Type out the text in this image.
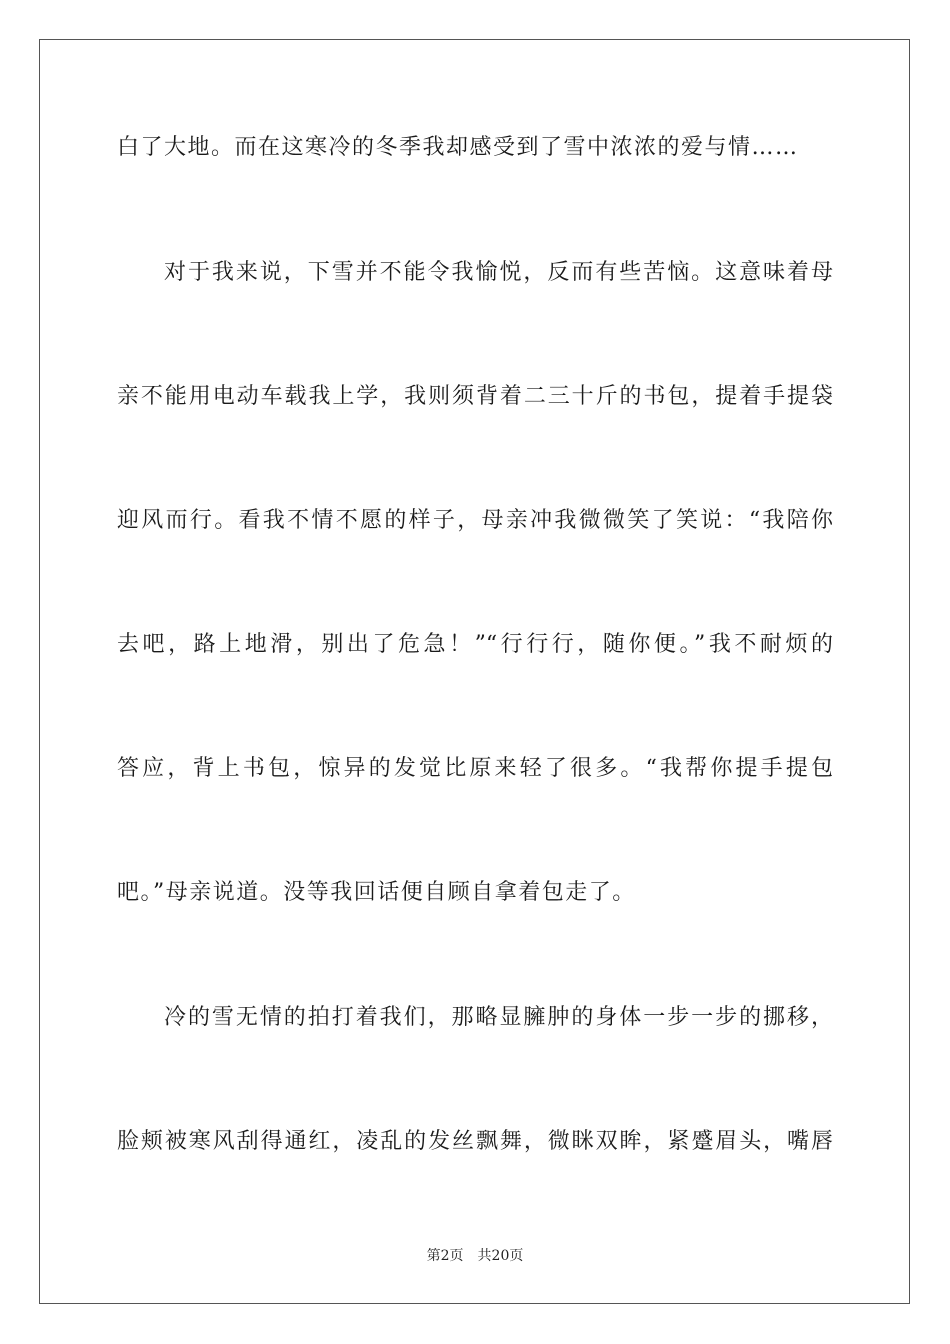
白了大地。而在这寒冷的冬季我却感受到了雪中浓浓的爱与情……
对于我来说，下雪并不能令我愉悦，反而有些苦恼。这意味着母
亲不能用电动车载我上学，我则须背着二三十斤的书包，提着手提袋
迎风而行。看我不情不愿的样子，母亲冲我微微笑了笑说：“我陪你
去吧，路上地滑，别出了危急！”“行行行，随你便。”我不耐烦的
答应，背上书包，惊异的发觉比原来轻了很多。“我帮你提手提包
吧。”母亲说道。没等我回话便自顾自拿着包走了。
冷的雪无情的拍打着我们，那略显臃肿的身体一步一步的挪移，
脸颊被寒风刮得通红，凌乱的发丝飘舞，微眯双眸，紧蹙眉头，嘴唇
第2页 共20页
